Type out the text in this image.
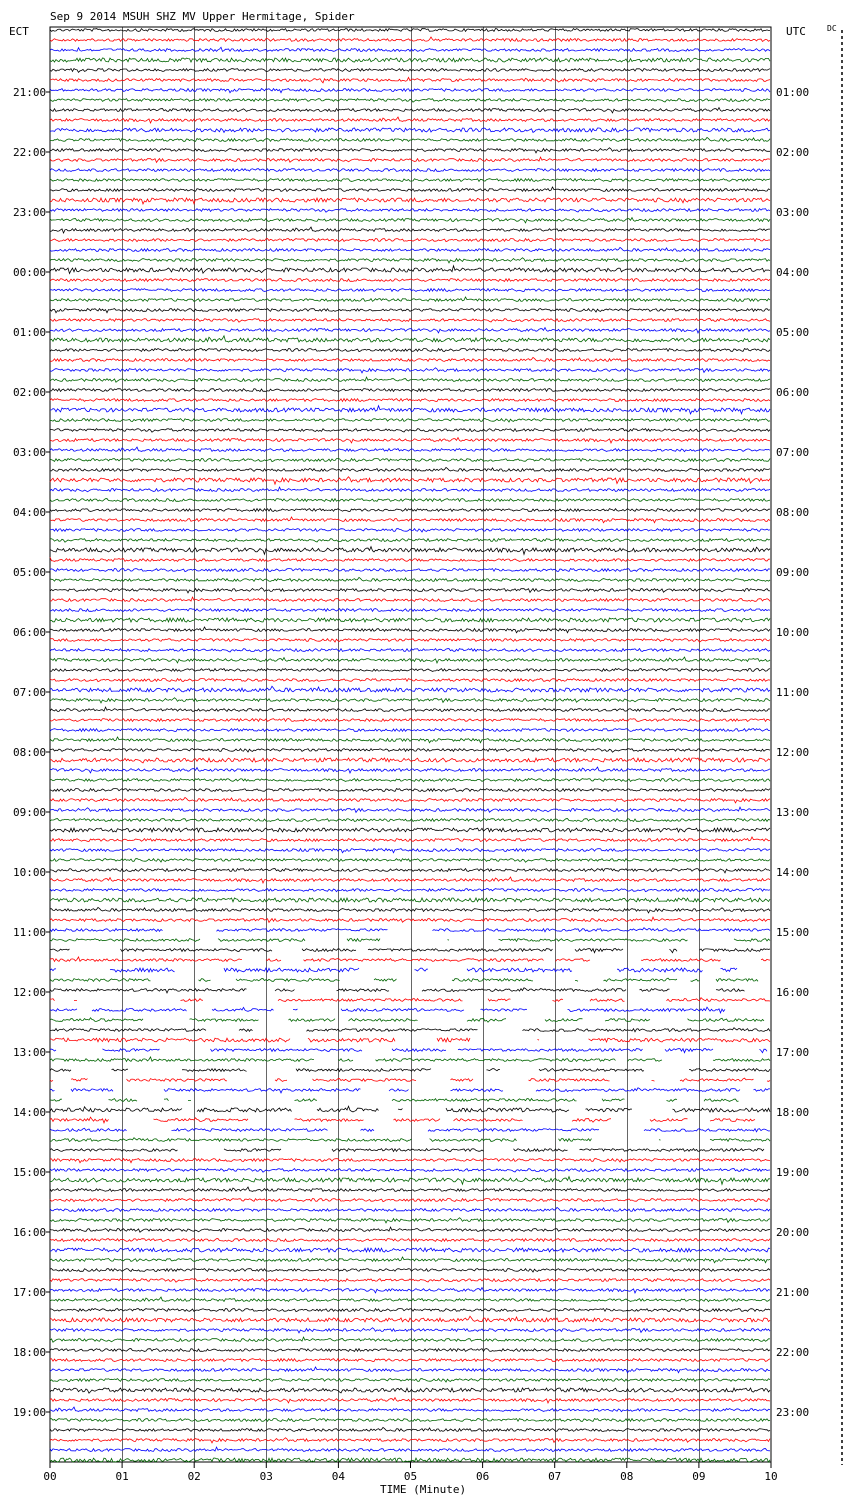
21:00
22:00
23:00
00:00
01:00
02:00
03:00
04:00
05:00
06:00
07:00
08:00
09:00
10:00
11:00
12:00
13:00
14:00
15:00
16:00
17:00
18:00
19:00
01:00
02:00
03:00
04:00
05:00
06:00
07:00
08:00
09:00
10:00
11:00
12:00
13:00
14:00
15:00
16:00
17:00
18:00
19:00
20:00
21:00
22:00
23:00
00	01	02	03	04	05	06	07	08	09	10
Sep 9 2014 MSUH SHZ MV Upper Hermitage, Spider
ECT	UTC	DC
TIME (Minute)
